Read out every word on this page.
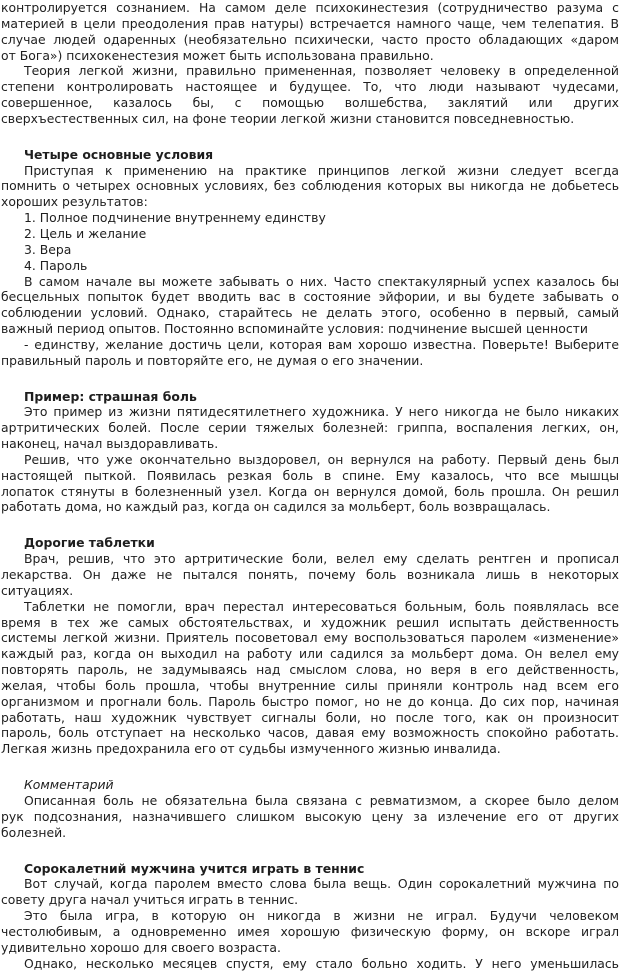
контролируется сознанием. На самом деле психокинестезия (сотрудничество разума с
материей в цели преодоления прав натуры) встречается намного чаще, чем телепатия. В
случае людей одаренных (необязательно психически, часто просто обладающих «даром
от Бога») психокенестезия может быть использована правильно.
Теория легкой жизни, правильно примененная, позволяет человеку в определенной
степени контролировать настоящее и будущее. То, что люди называют чудесами,
совершенное, казалось бы, с помощью волшебства, заклятий или других
сверхъестественных сил, на фоне теории легкой жизни становится повседневностью.
Четыре основные условия
Приступая к применению на практике принципов легкой жизни следует всегда
помнить о четырех основных условиях, без соблюдения которых вы никогда не добьетесь
хороших результатов:
1. Полное подчинение внутреннему единству
2. Цель и желание
3. Вера
4. Пароль
В самом начале вы можете забывать о них. Часто спектакулярный успех казалось бы
бесцельных попыток будет вводить вас в состояние эйфории, и вы будете забывать о
соблюдении условий. Однако, старайтесь не делать этого, особенно в первый, самый
важный период опытов. Постоянно вспоминайте условия: подчинение высшей ценности
- единству, желание достичь цели, которая вам хорошо известна. Поверьте! Выберите
правильный пароль и повторяйте его, не думая о его значении.
Пример: страшная боль
Это пример из жизни пятидесятилетнего художника. У него никогда не было никаких
артритических болей. После серии тяжелых болезней: гриппа, воспаления легких, он,
наконец, начал выздоравливать.
Решив, что уже окончательно выздоровел, он вернулся на работу. Первый день был
настоящей пыткой. Появилась резкая боль в спине. Ему казалось, что все мышцы
лопаток стянуты в болезненный узел. Когда он вернулся домой, боль прошла. Он решил
работать дома, но каждый раз, когда он садился за мольберт, боль возвращалась.
Дорогие таблетки
Врач, решив, что это артритические боли, велел ему сделать рентген и прописал
лекарства. Он даже не пытался понять, почему боль возникала лишь в некоторых
ситуациях.
Таблетки не помогли, врач перестал интересоваться больным, боль появлялась все
время в тех же самых обстоятельствах, и художник решил испытать действенность
системы легкой жизни. Приятель посоветовал ему воспользоваться паролем «изменение»
каждый раз, когда он выходил на работу или садился за мольберт дома. Он велел ему
повторять пароль, не задумываясь над смыслом слова, но веря в его действенность,
желая, чтобы боль прошла, чтобы внутренние силы приняли контроль над всем его
организмом и прогнали боль. Пароль быстро помог, но не до конца. До сих пор, начиная
работать, наш художник чувствует сигналы боли, но после того, как он произносит
пароль, боль отступает на несколько часов, давая ему возможность спокойно работать.
Легкая жизнь предохранила его от судьбы измученного жизнью инвалида.
Комментарий
Описанная боль не обязательна была связана с ревматизмом, а скорее было делом
рук подсознания, назначившего слишком высокую цену за излечение его от других
болезней.
Сорокалетний мужчина учится играть в теннис
Вот случай, когда паролем вместо слова была вещь. Один сорокалетний мужчина по
совету друга начал учиться играть в теннис.
Это была игра, в которую он никогда в жизни не играл. Будучи человеком
честолюбивым, а одновременно имея хорошую физическую форму, он вскоре играл
удивительно хорошо для своего возраста.
Однако, несколько месяцев спустя, ему стало больно ходить. У него уменьшилась
